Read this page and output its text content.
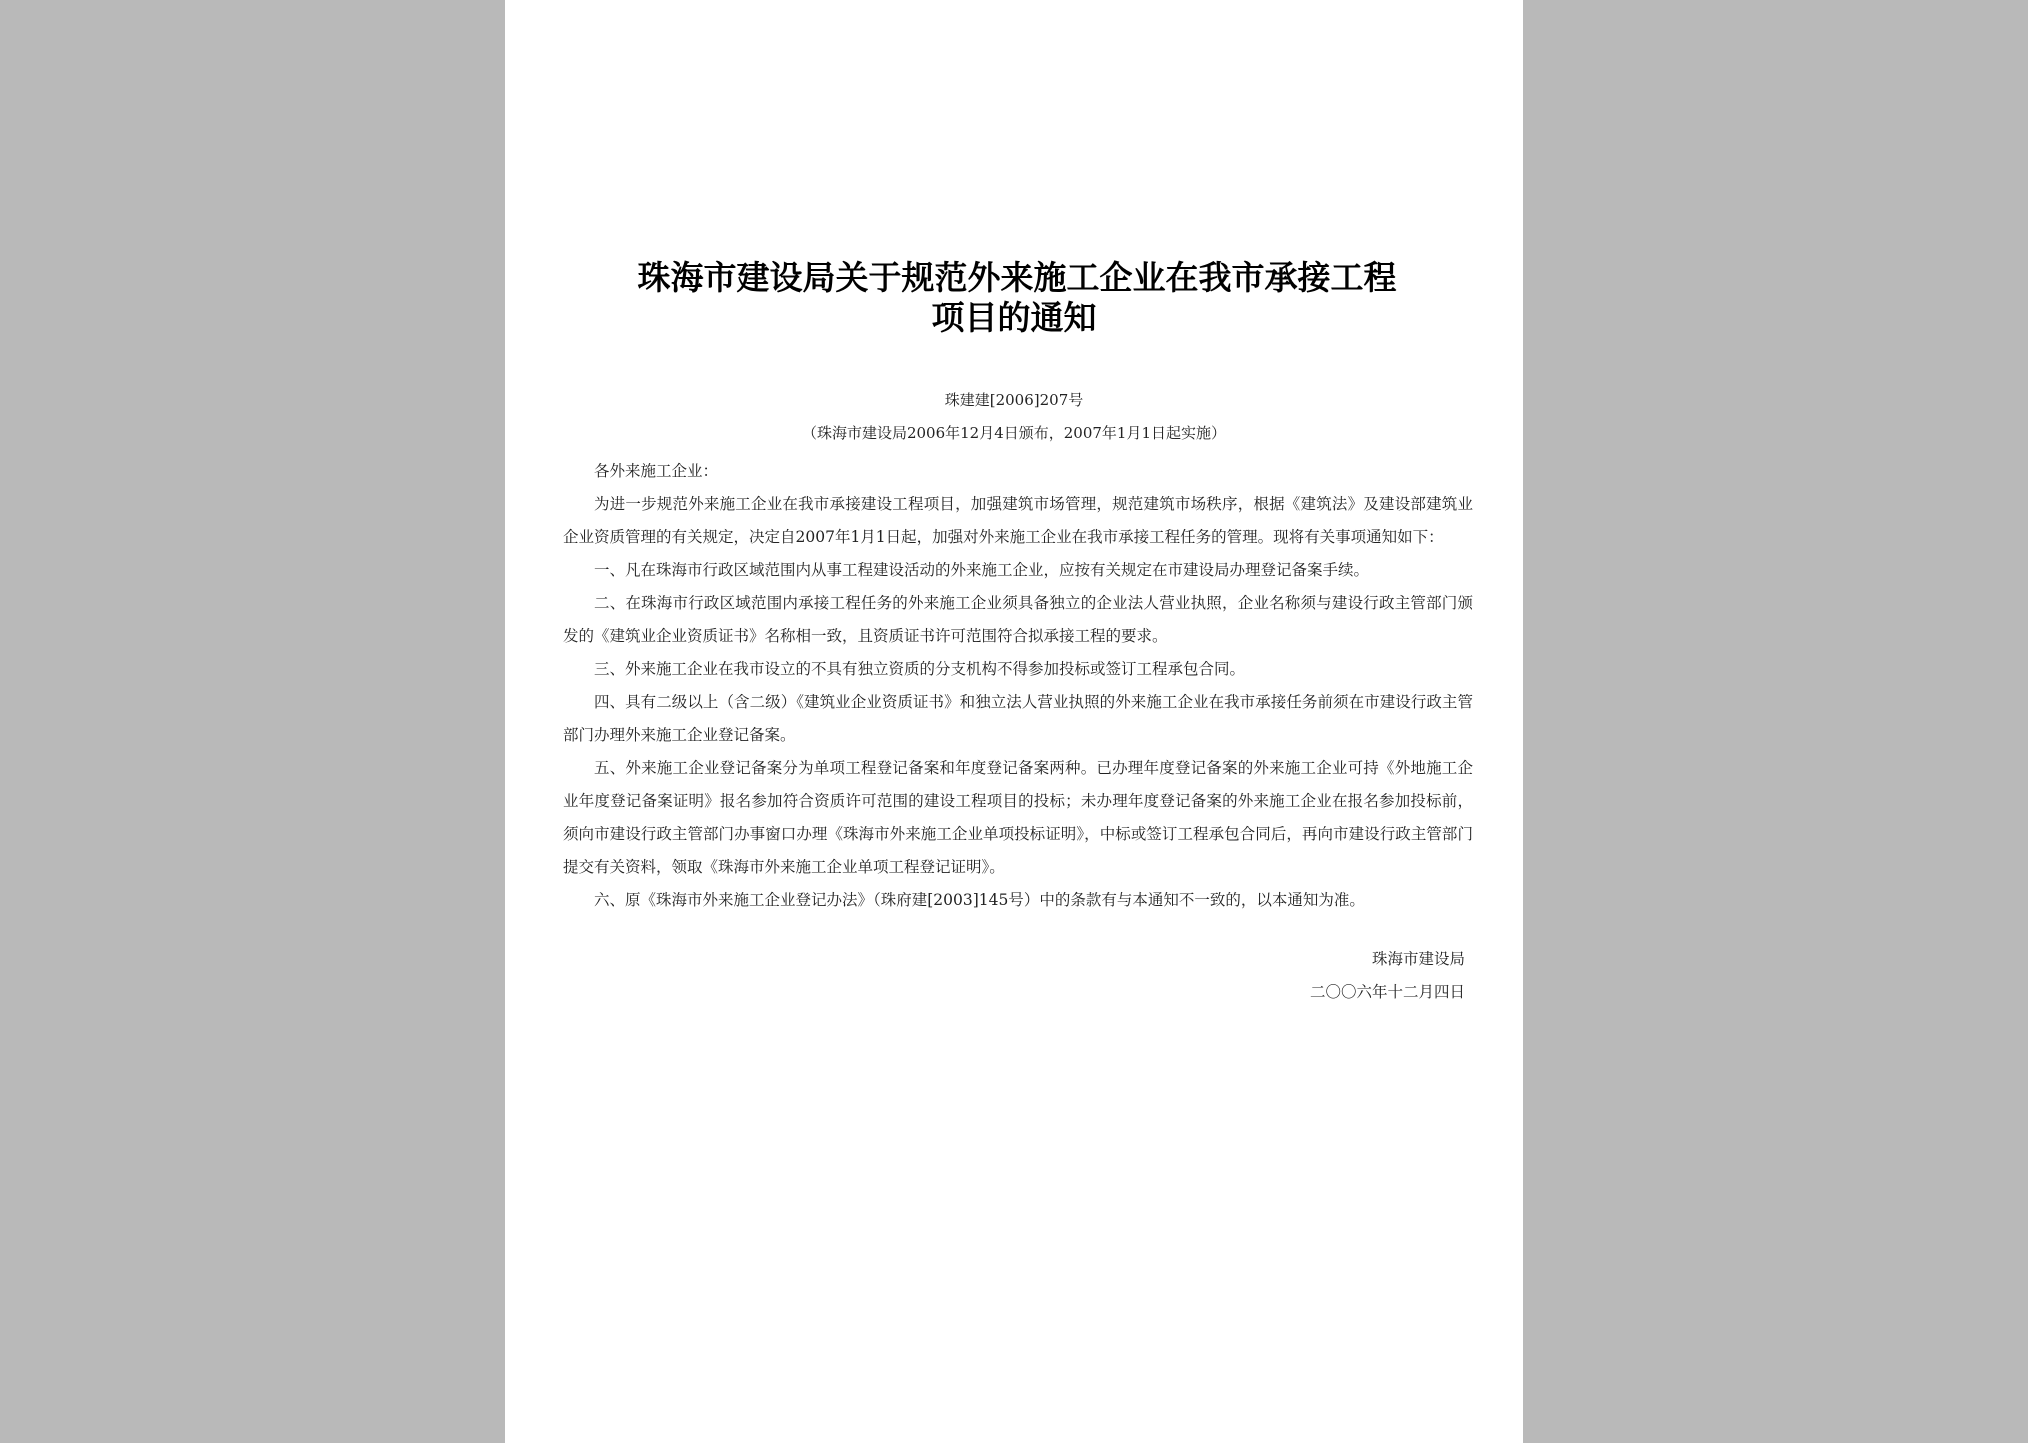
珠海市建设局关于规范外来施工企业在我市承接工程
项目的通知
珠建建[2006]207号
（珠海市建设局2006年12月4日颁布，2007年1月1日起实施）

各外来施工企业：

为进一步规范外来施工企业在我市承接建设工程项目，加强建筑市场管理，规范建筑市场秩序，根据《建筑法》及建设部建筑业企业资质管理的有关规定，决定自2007年1月1日起，加强对外来施工企业在我市承接工程任务的管理。现将有关事项通知如下：

一、凡在珠海市行政区域范围内从事工程建设活动的外来施工企业，应按有关规定在市建设局办理登记备案手续。

二、在珠海市行政区域范围内承接工程任务的外来施工企业须具备独立的企业法人营业执照，企业名称须与建设行政主管部门颁发的《建筑业企业资质证书》名称相一致，且资质证书许可范围符合拟承接工程的要求。

三、外来施工企业在我市设立的不具有独立资质的分支机构不得参加投标或签订工程承包合同。

四、具有二级以上（含二级）《建筑业企业资质证书》和独立法人营业执照的外来施工企业在我市承接任务前须在市建设行政主管部门办理外来施工企业登记备案。

五、外来施工企业登记备案分为单项工程登记备案和年度登记备案两种。已办理年度登记备案的外来施工企业可持《外地施工企业年度登记备案证明》报名参加符合资质许可范围的建设工程项目的投标；未办理年度登记备案的外来施工企业在报名参加投标前，须向市建设行政主管部门办事窗口办理《珠海市外来施工企业单项投标证明》，中标或签订工程承包合同后，再向市建设行政主管部门提交有关资料，领取《珠海市外来施工企业单项工程登记证明》。

六、原《珠海市外来施工企业登记办法》（珠府建[2003]145号）中的条款有与本通知不一致的，以本通知为准。

珠海市建设局
二〇〇六年十二月四日
